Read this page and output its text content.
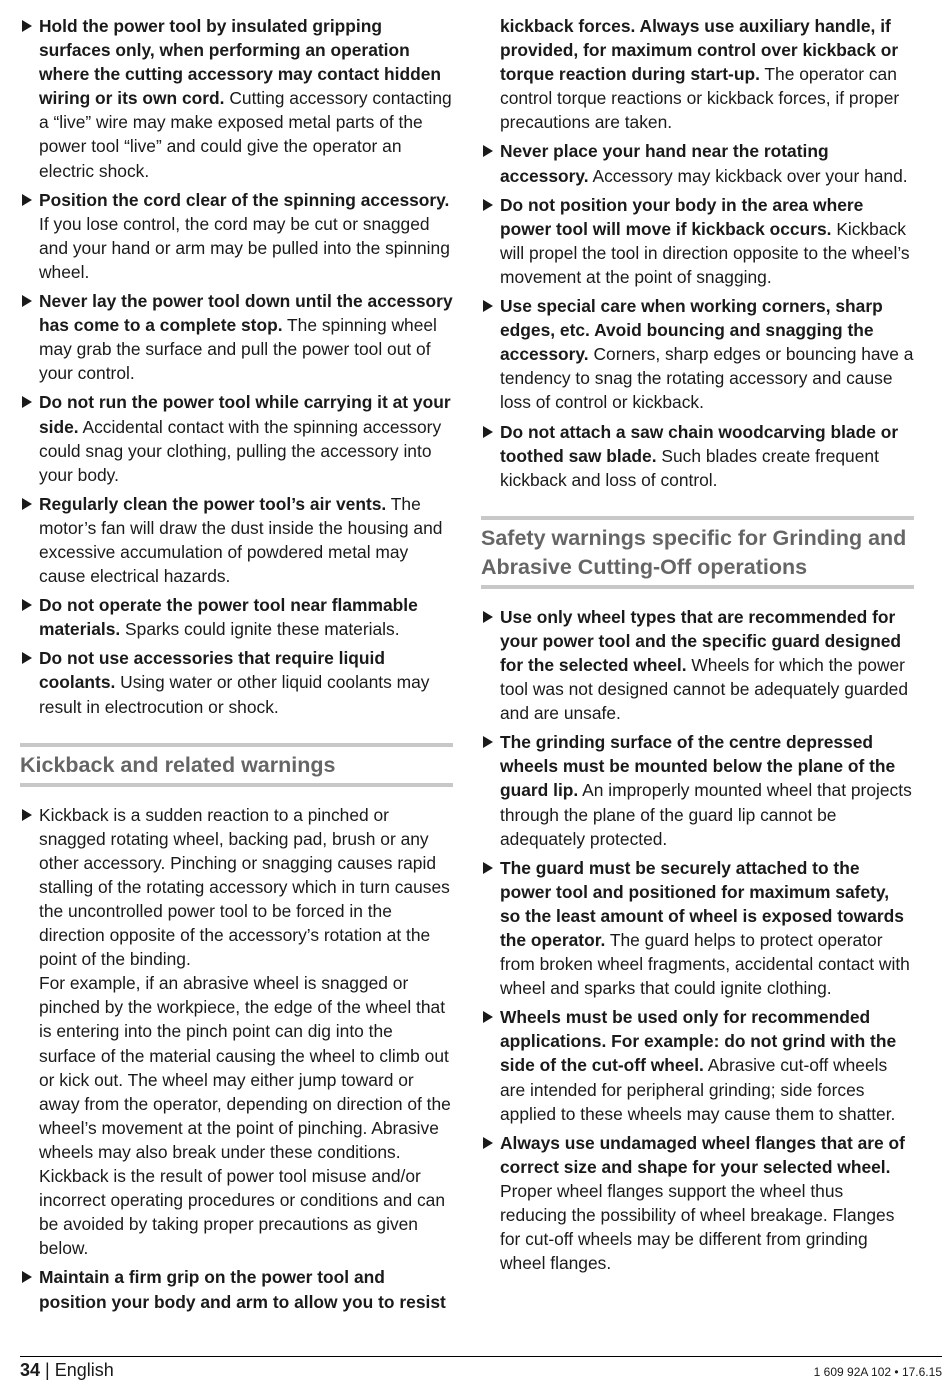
Hold the power tool by insulated gripping surfaces only, when performing an operation where the cutting accessory may contact hidden wiring or its own cord. Cutting accessory contacting a “live” wire may make exposed metal parts of the power tool “live” and could give the operator an electric shock.
Position the cord clear of the spinning accessory. If you lose control, the cord may be cut or snagged and your hand or arm may be pulled into the spinning wheel.
Never lay the power tool down until the accessory has come to a complete stop. The spinning wheel may grab the surface and pull the power tool out of your control.
Do not run the power tool while carrying it at your side. Accidental contact with the spinning accessory could snag your clothing, pulling the accessory into your body.
Regularly clean the power tool’s air vents. The motor’s fan will draw the dust inside the housing and excessive accumulation of powdered metal may cause electrical hazards.
Do not operate the power tool near flammable materials. Sparks could ignite these materials.
Do not use accessories that require liquid coolants. Using water or other liquid coolants may result in electrocution or shock.
Kickback and related warnings

Kickback is a sudden reaction to a pinched or snagged rotating wheel, backing pad, brush or any other accessory. Pinching or snagging causes rapid stalling of the rotating accessory which in turn causes the uncontrolled power tool to be forced in the direction opposite of the accessory’s rotation at the point of the binding.

For example, if an abrasive wheel is snagged or pinched by the workpiece, the edge of the wheel that is entering into the pinch point can dig into the surface of the material causing the wheel to climb out or kick out. The wheel may either jump toward or away from the operator, depending on direction of the wheel’s movement at the point of pinching. Abrasive wheels may also break under these conditions.

Kickback is the result of power tool misuse and/or incorrect operating procedures or conditions and can be avoided by taking proper precautions as given below.

Maintain a firm grip on the power tool and position your body and arm to allow you to resist
kickback forces. Always use auxiliary handle, if provided, for maximum control over kickback or torque reaction during start-up. The operator can control torque reactions or kickback forces, if proper precautions are taken.
Never place your hand near the rotating accessory. Accessory may kickback over your hand.
Do not position your body in the area where power tool will move if kickback occurs. Kickback will propel the tool in direction opposite to the wheel’s movement at the point of snagging.
Use special care when working corners, sharp edges, etc. Avoid bouncing and snagging the accessory. Corners, sharp edges or bouncing have a tendency to snag the rotating accessory and cause loss of control or kickback.
Do not attach a saw chain woodcarving blade or toothed saw blade. Such blades create frequent kickback and loss of control.
Safety warnings specific for Grinding and Abrasive Cutting-Off operations
Use only wheel types that are recommended for your power tool and the specific guard designed for the selected wheel. Wheels for which the power tool was not designed cannot be adequately guarded and are unsafe.
The grinding surface of the centre depressed wheels must be mounted below the plane of the guard lip. An improperly mounted wheel that projects through the plane of the guard lip cannot be adequately protected.
The guard must be securely attached to the power tool and positioned for maximum safety, so the least amount of wheel is exposed towards the operator. The guard helps to protect operator from broken wheel fragments, accidental contact with wheel and sparks that could ignite clothing.
Wheels must be used only for recommended applications. For example: do not grind with the side of the cut-off wheel. Abrasive cut-off wheels are intended for peripheral grinding; side forces applied to these wheels may cause them to shatter.
Always use undamaged wheel flanges that are of correct size and shape for your selected wheel. Proper wheel flanges support the wheel thus reducing the possibility of wheel breakage. Flanges for cut-off wheels may be different from grinding wheel flanges.
34 | English	1 609 92A 102 • 17.6.15
